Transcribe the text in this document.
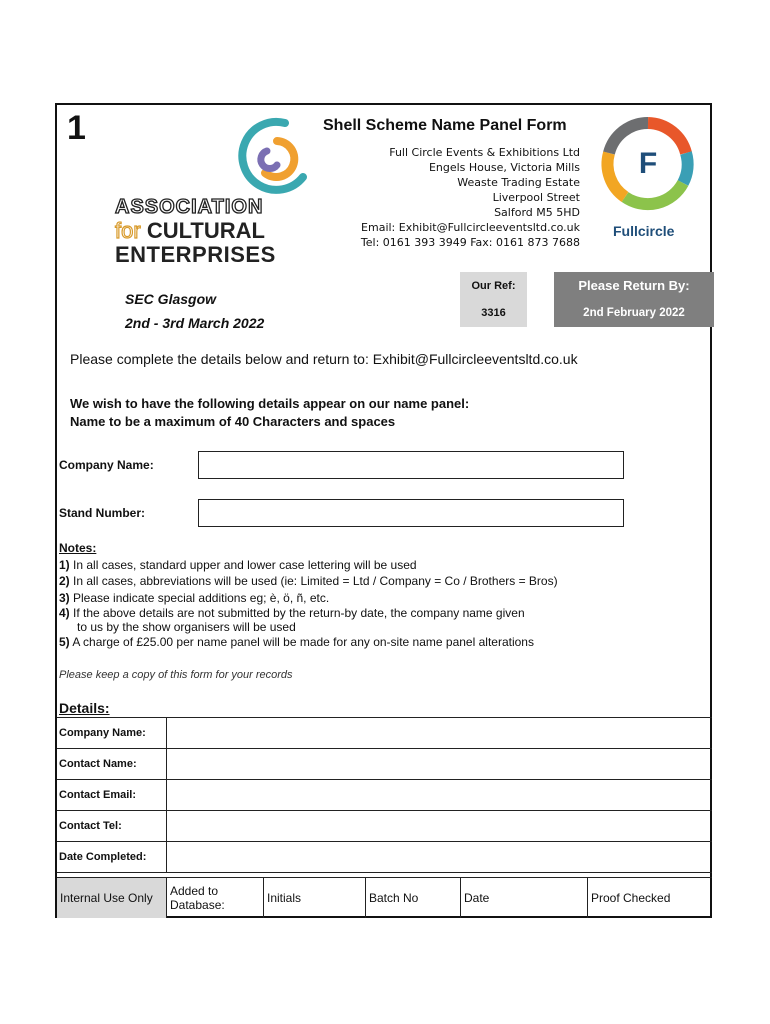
1	Shell Scheme Name Panel Form
ASSOCIATION
for CULTURAL
ENTERPRISES
Full Circle Events & Exhibitions Ltd
Engels House, Victoria Mills
Weaste Trading Estate
Liverpool Street
Salford M5 5HD
Email: Exhibit@Fullcircleeventsltd.co.uk
Tel: 0161 393 3949 Fax: 0161 873 7688
F
Fullcircle
SEC Glasgow
2nd - 3rd March 2022
Our Ref:
3316
Please Return By:
2nd February 2022
Please complete the details below and return to: Exhibit@Fullcircleeventsltd.co.uk
We wish to have the following details appear on our name panel:
Name to be a maximum of 40 Characters and spaces
Company Name:
Stand Number:
Notes:
1) In all cases, standard upper and lower case lettering will be used
2) In all cases, abbreviations will be used (ie: Limited = Ltd / Company = Co / Brothers = Bros)
3) Please indicate special additions eg; è, ö, ñ, etc.
4) If the above details are not submitted by the return-by date, the company name given
to us by the show organisers will be used
5) A charge of £25.00 per name panel will be made for any on-site name panel alterations
Please keep a copy of this form for your records
Details:
Company Name:	
Contact Name:	
Contact Email:	
Contact Tel:	
Date Completed:	
Internal Use Only	Added to
Database:	Initials	Batch No	Date	Proof Checked
